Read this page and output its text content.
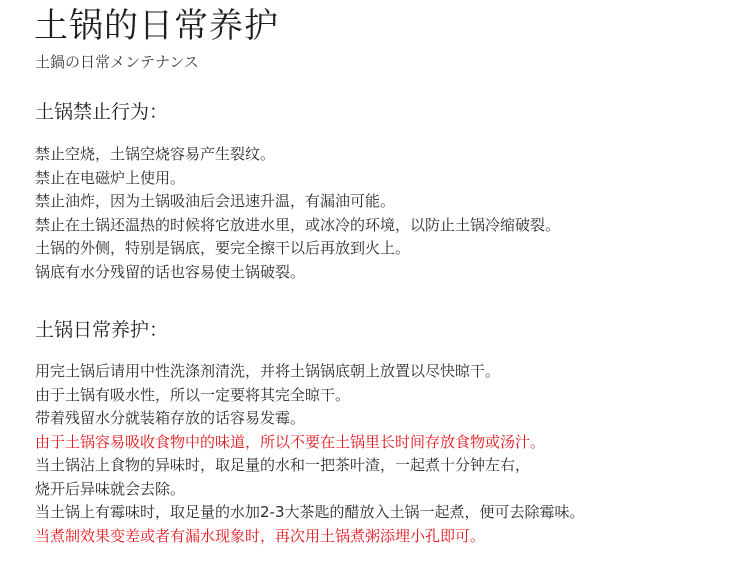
土锅的日常养护
土鍋の日常メンテナンス
土锅禁止行为：
禁止空烧，土锅空烧容易产生裂纹。
禁止在电磁炉上使用。
禁止油炸，因为土锅吸油后会迅速升温，有漏油可能。
禁止在土锅还温热的时候将它放进水里，或冰冷的环境，以防止土锅冷缩破裂。
土锅的外侧，特别是锅底，要完全擦干以后再放到火上。
锅底有水分残留的话也容易使土锅破裂。
土锅日常养护：
用完土锅后请用中性洗涤剂清洗，并将土锅锅底朝上放置以尽快晾干。
由于土锅有吸水性，所以一定要将其完全晾干。
带着残留水分就装箱存放的话容易发霉。
由于土锅容易吸收食物中的味道，所以不要在土锅里长时间存放食物或汤汁。
当土锅沾上食物的异味时，取足量的水和一把茶叶渣，一起煮十分钟左右，
烧开后异味就会去除。
当土锅上有霉味时，取足量的水加2-3大茶匙的醋放入土锅一起煮，便可去除霉味。
当煮制效果变差或者有漏水现象时，再次用土锅煮粥添埋小孔即可。
